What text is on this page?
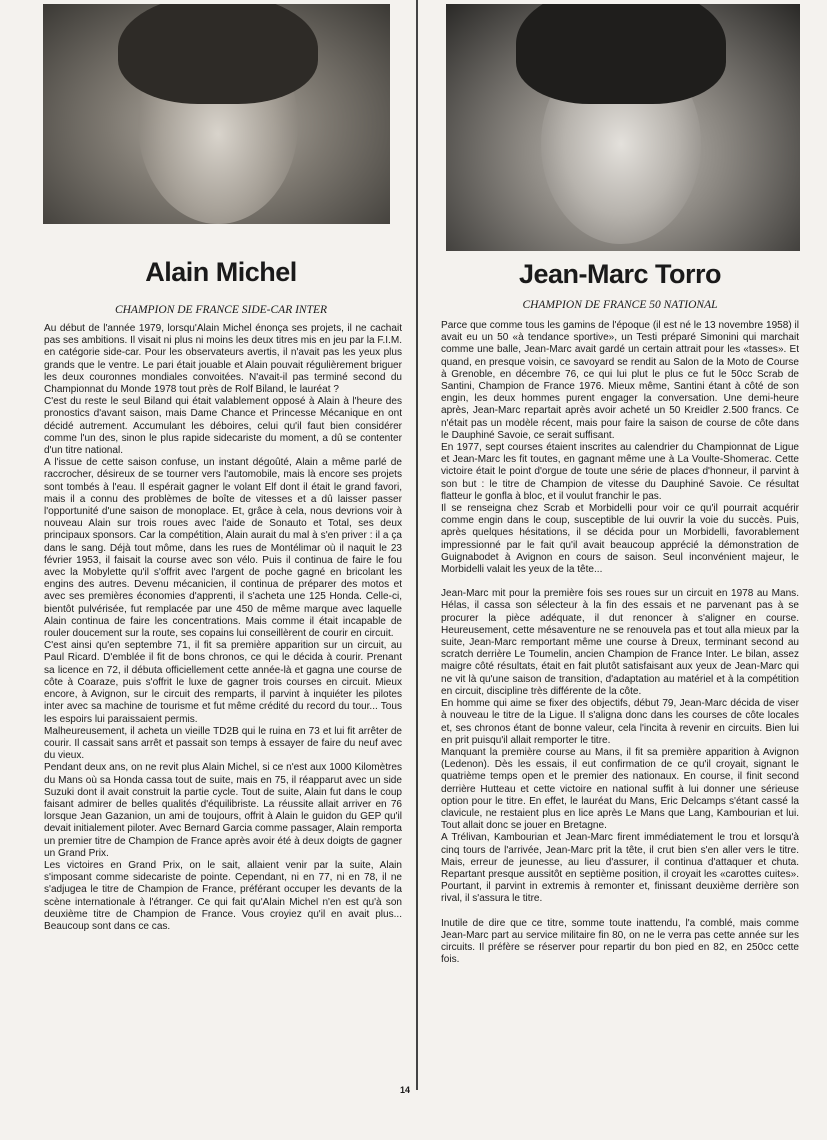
Alain Michel

CHAMPION DE FRANCE SIDE-CAR INTER

Au début de l'année 1979, lorsqu'Alain Michel énonça ses projets, il ne cachait pas ses ambitions. Il visait ni plus ni moins les deux titres mis en jeu par la F.I.M. en catégorie side-car. Pour les observateurs avertis, il n'avait pas les yeux plus grands que le ventre. Le pari était jouable et Alain pouvait régulièrement briguer les deux couronnes mondiales convoitées. N'avait-il pas terminé second du Championnat du Monde 1978 tout près de Rolf Biland, le lauréat ?

C'est du reste le seul Biland qui était valablement opposé à Alain à l'heure des pronostics d'avant saison, mais Dame Chance et Princesse Mécanique en ont décidé autrement. Accumulant les déboires, celui qu'il faut bien considérer comme l'un des, sinon le plus rapide sidecariste du moment, a dû se contenter d'un titre national.

A l'issue de cette saison confuse, un instant dégoûté, Alain a même parlé de raccrocher, désireux de se tourner vers l'automobile, mais là encore ses projets sont tombés à l'eau. Il espérait gagner le volant Elf dont il était le grand favori, mais il a connu des problèmes de boîte de vitesses et a dû laisser passer l'opportunité d'une saison de monoplace. Et, grâce à cela, nous devrions voir à nouveau Alain sur trois roues avec l'aide de Sonauto et Total, ses deux principaux sponsors. Car la compétition, Alain aurait du mal à s'en priver : il a ça dans le sang. Déjà tout môme, dans les rues de Montélimar où il naquit le 23 février 1953, il faisait la course avec son vélo. Puis il continua de faire le fou avec la Mobylette qu'il s'offrit avec l'argent de poche gagné en bricolant les engins des autres. Devenu mécanicien, il continua de préparer des motos et avec ses premières économies d'apprenti, il s'acheta une 125 Honda. Celle-ci, bientôt pulvérisée, fut remplacée par une 450 de même marque avec laquelle Alain continua de faire les concentrations. Mais comme il était incapable de rouler doucement sur la route, ses copains lui conseillèrent de courir en circuit.

C'est ainsi qu'en septembre 71, il fit sa première apparition sur un circuit, au Paul Ricard. D'emblée il fit de bons chronos, ce qui le décida à courir. Prenant sa licence en 72, il débuta officiellement cette année-là et gagna une course de côte à Coaraze, puis s'offrit le luxe de gagner trois courses en circuit. Mieux encore, à Avignon, sur le circuit des remparts, il parvint à inquiéter les pilotes inter avec sa machine de tourisme et fut même crédité du record du tour... Tous les espoirs lui paraissaient permis.

Malheureusement, il acheta un vieille TD2B qui le ruina en 73 et lui fit arrêter de courir. Il cassait sans arrêt et passait son temps à essayer de faire du neuf avec du vieux.

Pendant deux ans, on ne revit plus Alain Michel, si ce n'est aux 1000 Kilomètres du Mans où sa Honda cassa tout de suite, mais en 75, il réapparut avec un side Suzuki dont il avait construit la partie cycle. Tout de suite, Alain fut dans le coup faisant admirer de belles qualités d'équilibriste. La réussite allait arriver en 76 lorsque Jean Gazanion, un ami de toujours, offrit à Alain le guidon du GEP qu'il devait initialement piloter. Avec Bernard Garcia comme passager, Alain remporta un premier titre de Champion de France après avoir été à deux doigts de gagner un Grand Prix.

Les victoires en Grand Prix, on le sait, allaient venir par la suite, Alain s'imposant comme sidecariste de pointe. Cependant, ni en 77, ni en 78, il ne s'adjugea le titre de Champion de France, préférant occuper les devants de la scène internationale à l'étranger. Ce qui fait qu'Alain Michel n'en est qu'à son deuxième titre de Champion de France. Vous croyiez qu'il en avait plus... Beaucoup sont dans ce cas.

Jean-Marc Torro

CHAMPION DE FRANCE 50 NATIONAL

Parce que comme tous les gamins de l'époque (il est né le 13 novembre 1958) il avait eu un 50 «à tendance sportive», un Testi préparé Simonini qui marchait comme une balle, Jean-Marc avait gardé un certain attrait pour les «tasses». Et quand, en presque voisin, ce savoyard se rendit au Salon de la Moto de Course à Grenoble, en décembre 76, ce qui lui plut le plus ce fut le 50cc Scrab de Santini, Champion de France 1976. Mieux même, Santini étant à côté de son engin, les deux hommes purent engager la conversation. Une demi-heure après, Jean-Marc repartait après avoir acheté un 50 Kreidler 2.500 francs. Ce n'était pas un modèle récent, mais pour faire la saison de course de côte dans le Dauphiné Savoie, ce serait suffisant.

En 1977, sept courses étaient inscrites au calendrier du Championnat de Ligue et Jean-Marc les fit toutes, en gagnant même une à La Voulte-Shomerac. Cette victoire était le point d'orgue de toute une série de places d'honneur, il parvint à son but : le titre de Champion de vitesse du Dauphiné Savoie. Ce résultat flatteur le gonfla à bloc, et il voulut franchir le pas.

Il se renseigna chez Scrab et Morbidelli pour voir ce qu'il pourrait acquérir comme engin dans le coup, susceptible de lui ouvrir la voie du succès. Puis, après quelques hésitations, il se décida pour un Morbidelli, favorablement impressionné par le fait qu'il avait beaucoup apprécié la démonstration de Guignabodet à Avignon en cours de saison. Seul inconvénient majeur, le Morbidelli valait les yeux de la tête...

Jean-Marc mit pour la première fois ses roues sur un circuit en 1978 au Mans. Hélas, il cassa son sélecteur à la fin des essais et ne parvenant pas à se procurer la pièce adéquate, il dut renoncer à s'aligner en course. Heureusement, cette mésaventure ne se renouvela pas et tout alla mieux par la suite, Jean-Marc remportant même une course à Dreux, terminant second au scratch derrière Le Toumelin, ancien Champion de France Inter. Le bilan, assez maigre côté résultats, était en fait plutôt satisfaisant aux yeux de Jean-Marc qui ne vit là qu'une saison de transition, d'adaptation au matériel et à la compétition en circuit, discipline très différente de la côte.

En homme qui aime se fixer des objectifs, début 79, Jean-Marc décida de viser à nouveau le titre de la Ligue. Il s'aligna donc dans les courses de côte locales et, ses chronos étant de bonne valeur, cela l'incita à revenir en circuits. Bien lui en prit puisqu'il allait remporter le titre.

Manquant la première course au Mans, il fit sa première apparition à Avignon (Ledenon). Dès les essais, il eut confirmation de ce qu'il croyait, signant le quatrième temps open et le premier des nationaux. En course, il finit second derrière Hutteau et cette victoire en national suffit à lui donner une sérieuse option pour le titre. En effet, le lauréat du Mans, Eric Delcamps s'étant cassé la clavicule, ne restaient plus en lice après Le Mans que Lang, Kambourian et lui. Tout allait donc se jouer en Bretagne.

A Trélivan, Kambourian et Jean-Marc firent immédiatement le trou et lorsqu'à cinq tours de l'arrivée, Jean-Marc prit la tête, il crut bien s'en aller vers le titre. Mais, erreur de jeunesse, au lieu d'assurer, il continua d'attaquer et chuta. Repartant presque aussitôt en septième position, il croyait les «carottes cuites». Pourtant, il parvint in extremis à remonter et, finissant deuxième derrière son rival, il s'assura le titre.

Inutile de dire que ce titre, somme toute inattendu, l'a comblé, mais comme Jean-Marc part au service militaire fin 80, on ne le verra pas cette année sur les circuits. Il préfère se réserver pour repartir du bon pied en 82, en 250cc cette fois.

14
